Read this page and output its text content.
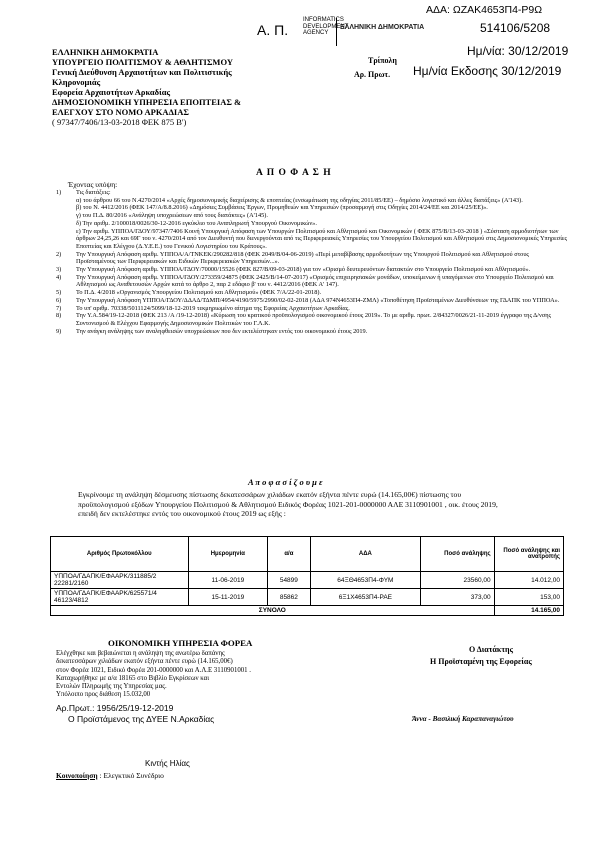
ΑΔΑ: ΩΖΑΚ4653Π4-Ρ9Ω
Α. Π.
INFORMATICS
DEVELOPMENT
AGENCY
ΕΛΛΗΝΙΚΗ ΔΗΜΟΚΡΑΤΙΑ	514106/5208
Ημ/νία: 30/12/2019
Ημ/νία Εκδοσης 30/12/2019
Τρίπολη
Αρ. Πρωτ.
ΕΛΛΗΝΙΚΗ ΔΗΜΟΚΡΑΤΙΑ
ΥΠΟΥΡΓΕΙΟ ΠΟΛΙΤΙΣΜΟΥ & ΑΘΛΗΤΙΣΜΟΥ
Γενική Διεύθυνση Αρχαιοτήτων και Πολιτιστικής
Κληρονομιάς
Εφορεία Αρχαιοτήτων Αρκαδίας
ΔΗΜΟΣΙΟΝΟΜΙΚΗ ΥΠΗΡΕΣΙΑ ΕΠΟΠΤΕΙΑΣ &
ΕΛΕΓΧΟΥ ΣΤΟ ΝΟΜΟ ΑΡΚΑΔΙΑΣ
( 97347/7406/13-03-2018 ΦΕΚ 875 Β')
Α Π Ο Φ Α Σ Η
Έχοντας υπόψη:
1)	Τις διατάξεις:
α) του άρθρου 66 του Ν.4270/2014 «Αρχές δημοσιονομικής διαχείρισης & εποπτείας (ενσωμάτωση της οδηγίας 2011/85/ΕΕ) – δημόσιο λογιστικό και άλλες διατάξεις» (Α'143).
β) του Ν. 4412/2016 (ΦΕΚ 147/Α/8.8.2016) «Δημόσιες Συμβάσεις Έργων, Προμηθειών και Υπηρεσιών (προσαρμογή στις Οδηγίες 2014/24/ΕΕ και 2014/25/ΕΕ)».
γ) του Π.Δ. 80/2016 «Ανάληψη υποχρεώσεων από τους διατάκτες» (Α'145).
δ) Την αριθμ. 2/100018/0026/30-12-2016 εγκύκλιο του Αναπληρωτή Υπουργού Οικονομικών».
ε) Την αριθμ. ΥΠΠΟΑ/ΓΔΟΥ/97347/7406 Κοινή Υπουργική Απόφαση των Υπουργών Πολιτισμού και Αθλητισμού και Οικονομικών ( ΦΕΚ 875/Β/13-03-2018 ) «Σύσταση αρμοδιοτήτων των άρθρων 24,25,26 και 69Γ του ν. 4270/2014 από τον Διευθυντή που διενεργούνται από τις Περιφερειακές Υπηρεσίες του Υπουργείου Πολιτισμού και Αθλητισμού στις Δημοσιονομικές Υπηρεσίες Εποπτείας και Ελέγχου (Δ.Υ.Ε.Ε.) του Γενικού Λογιστηρίου του Κράτους».
2)	Την Υπουργική Απόφαση αριθμ. ΥΠΠΟΑ/Α/ΤΝΚΕΚ/290282/818 (ΦΕΚ 2049/Β/04-06-2019) «Περί μεταβίβασης αρμοδιοτήτων της Υπουργού Πολιτισμού και Αθλητισμού στους Προϊσταμένους των Περιφερειακών και Ειδικών Περιφερειακών Υπηρεσιών...».
3)	Την Υπουργική Απόφαση αριθμ. ΥΠΠΟΑ/ΓΔΟΥ/70000/15526 (ΦΕΚ 827/Β/09-03-2018) για τον «Ορισμό δευτερευόντων διατακτών στο Υπουργείο Πολιτισμού και Αθλητισμού».
4)	Την Υπουργική Απόφαση αριθμ. ΥΠΠΟΑ/ΓΔΟΥ/273359/24875 (ΦΕΚ 2425/Β/14-07-2017) «Ορισμός επιχειρησιακών μονάδων, υποκείμενων ή υπαγόμενων στο Υπουργείο Πολιτισμού και Αθλητισμού ως Αναθετουσών Αρχών κατά το άρθρο 2, παρ 2 εδάφιο β' του ν. 4412/2016 (ΦΕΚ Α' 147).
5)	Το Π.Δ. 4/2018 «Οργανισμός Υπουργείου Πολιτισμού και Αθλητισμού» (ΦΕΚ 7/Α/22-01-2018).
6)	Την Υπουργική Απόφαση ΥΠΠΟΑ/ΓΔΟΥ/ΔΔΑΔ/ΤΔΜΠ/4954/4190/5975/2990/02-02-2018 (ΑΔΑ 974Ν4653Π4-ΖΜΛ) «Τοποθέτηση Προϊσταμένων Διευθύνσεων της ΓΔΑΠΚ του ΥΠΠΟΑ».
7)	Το υπ' αριθμ. 70338/5011124/5099/18-12-2019 τεκμηριωμένο αίτημα της Εφορείας Αρχαιοτήτων Αρκαδίας.
8)	Την Υ.Α.584/19-12-2018 (ΦΕΚ 213 /Α /19-12-2018) «Κύρωση του κρατικού προϋπολογισμού οικονομικού έτους 2019». Το με αριθμ. πρωτ. 2/84327/0026/21-11-2019 έγγραφο της Δ/νσης Συντονισμού & Ελέγχου Εφαρμογής Δημοσιονομικών Πολιτικών του Γ.Λ.Κ.
9)	Την ανάγκη ανάληψης των αναληφθεισών υποχρεώσεων που δεν εκτελέστηκαν εντός του οικονομικού έτους 2019.
Α π ο φ α σ ί ζ ο υ μ ε
Εγκρίνουμε τη ανάληψη δέσμευσης πίστωσης δεκατεσσάρων χιλιάδων εκατόν εξήντα πέντε ευρώ (14.165,00€) πίστωσης του προϋπολογισμού εξόδων Υπουργείου Πολιτισμού & Αθλητισμού Ειδικός Φορέας 1021-201-0000000 ΑΛΕ 3110901001 , οικ. έτους 2019, επειδή δεν εκτελέστηκε εντός του οικονομικού έτους 2019 ως εξής :
Αριθμός Πρωτοκόλλου	Ημερομηνία	α/α	ΑΔΑ	Ποσό ανάληψης	Ποσό ανάληψης και ανατροπής
ΥΠΠΟΑ/ΓΔΑΠΚ/ΕΦΑΑΡΚ/311885/2 22281/2160	11-06-2019	54899	64ΞΘ4653Π4-ΦΥΜ	23560,00	14.012,00
ΥΠΠΟΑ/ΓΔΑΠΚ/ΕΦΑΑΡΚ/625571/4 46123/4812	15-11-2019	85862	6Ξ1Χ4653Π4-ΡΑΕ	373,00	153,00
ΣΥΝΟΛΟ					14.165,00
ΟΙΚΟΝΟΜΙΚΗ ΥΠΗΡΕΣΙΑ ΦΟΡΕΑ
Ελέγχθηκε και βεβαιώνεται η ανάληψη της ανωτέρω δαπάνης
δεκατεσσάρων χιλιάδων εκατόν εξήντα πέντε ευρώ (14.165,00€)
στον Φορέα 1021, Ειδικό Φορέα 201-0000000 και Α.Λ.Ε 3110901001 .
Καταχωρήθηκε με α/α 18165 στο Βιβλίο Εγκρίσεων και
Εντολών Πληρωμής της Υπηρεσίας μας.
Υπόλοιπο προς διάθεση 15.032,00
Αρ.Πρωτ.: 1956/25/19-12-2019
Ο Προϊστάμενος της ΔΥΕΕ Ν.Αρκαδίας
Κιντής Ηλίας
Ο Διατάκτης
Η Προϊσταμένη της Εφορείας
Άννα - Βασιλική Καραπαναγιώτου
Κοινοποίηση : Ελεγκτικό Συνέδριο
